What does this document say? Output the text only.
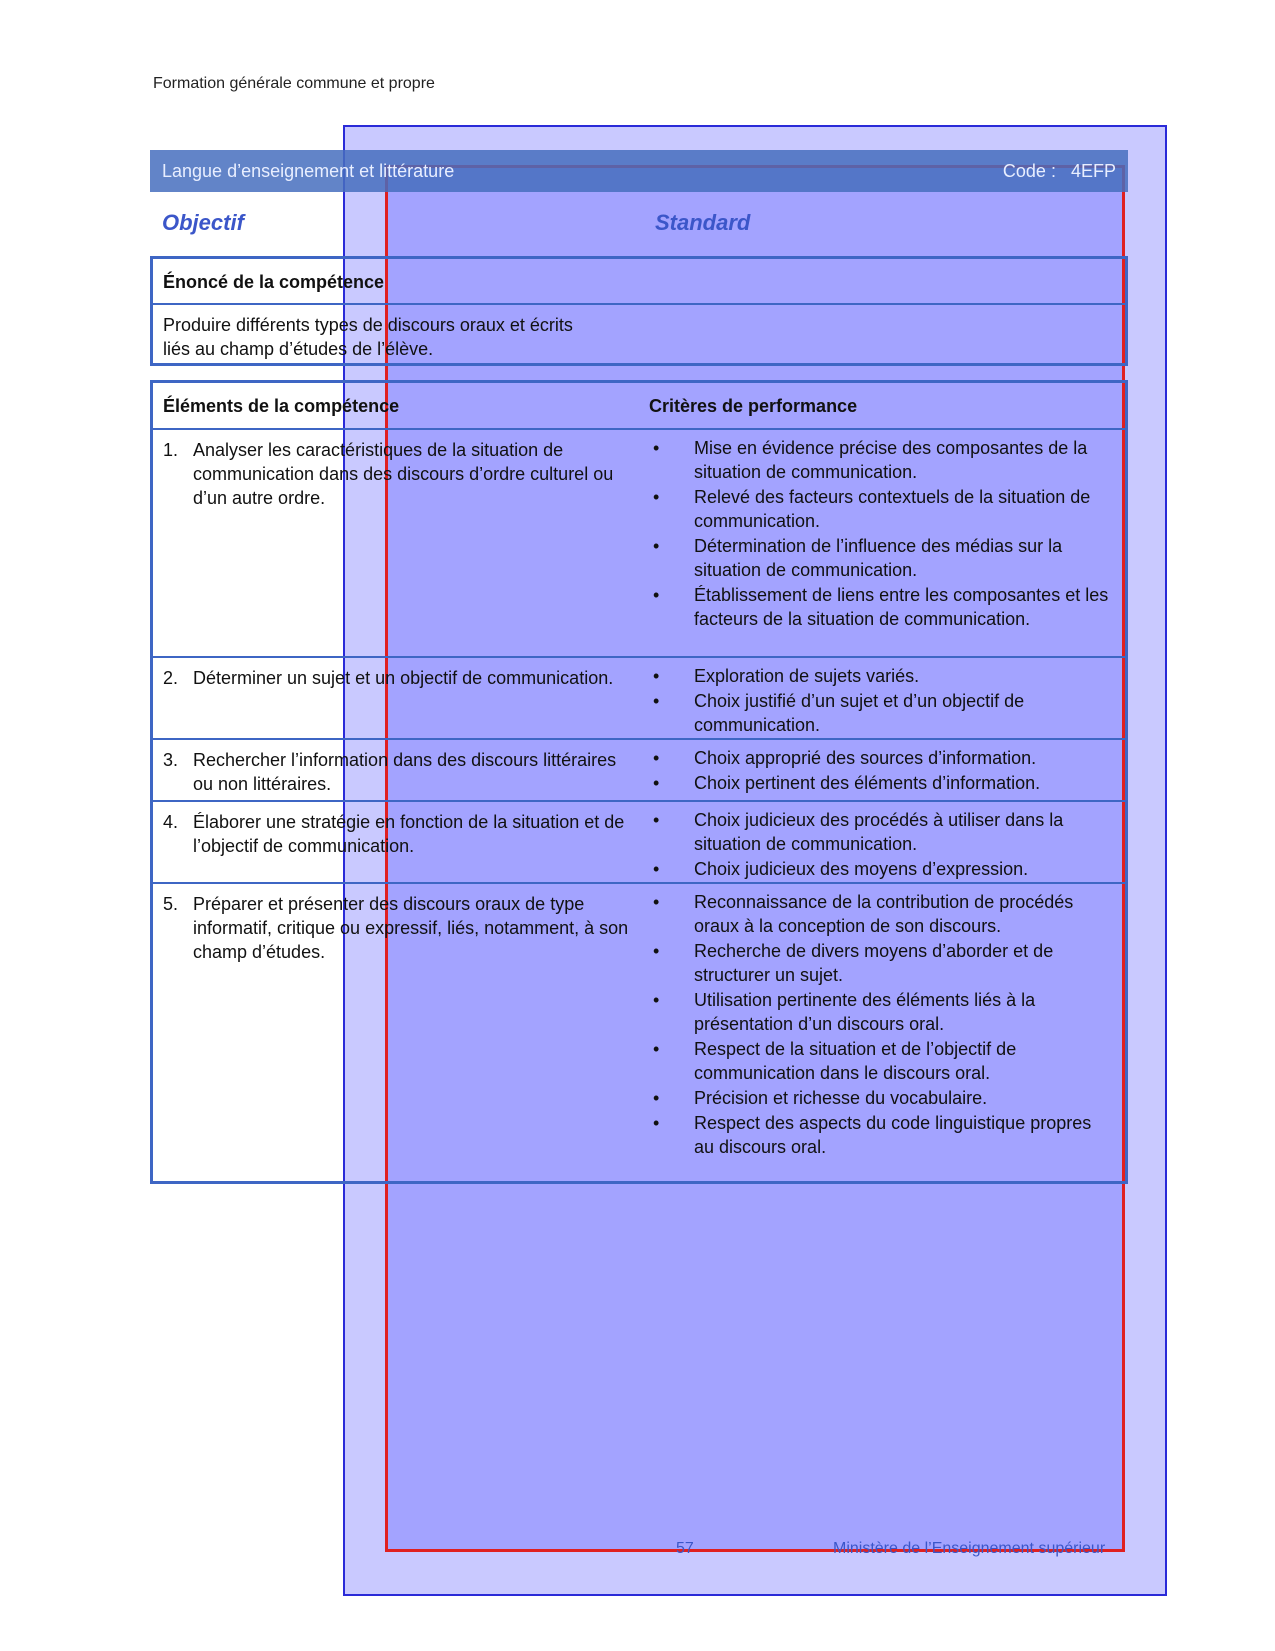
Formation générale commune et propre
Langue d’enseignement et littérature	Code : 4EFP
Objectif	Standard
Énoncé de la compétence
Produire différents types de discours oraux et écrits liés au champ d’études de l’élève.
Éléments de la compétence	Critères de performance
1. Analyser les caractéristiques de la situation de communication dans des discours d’ordre culturel ou d’un autre ordre.
• Mise en évidence précise des composantes de la situation de communication.
• Relevé des facteurs contextuels de la situation de communication.
• Détermination de l’influence des médias sur la situation de communication.
• Établissement de liens entre les composantes et les facteurs de la situation de communication.
2. Déterminer un sujet et un objectif de communication.	• Exploration de sujets variés.
• Choix justifié d’un sujet et d’un objectif de communication.
3. Rechercher l’information dans des discours littéraires ou non littéraires.
• Choix approprié des sources d’information.
• Choix pertinent des éléments d’information.
4. Élaborer une stratégie en fonction de la situation et de l’objectif de communication.
• Choix judicieux des procédés à utiliser dans la situation de communication.
• Choix judicieux des moyens d’expression.
5. Préparer et présenter des discours oraux de type informatif, critique ou expressif, liés, notamment, à son champ d’études.
• Reconnaissance de la contribution de procédés oraux à la conception de son discours.
• Recherche de divers moyens d’aborder et de structurer un sujet.
• Utilisation pertinente des éléments liés à la présentation d’un discours oral.
• Respect de la situation et de l’objectif de communication dans le discours oral.
• Précision et richesse du vocabulaire.
• Respect des aspects du code linguistique propres au discours oral.
57	Ministère de l’Enseignement supérieur
